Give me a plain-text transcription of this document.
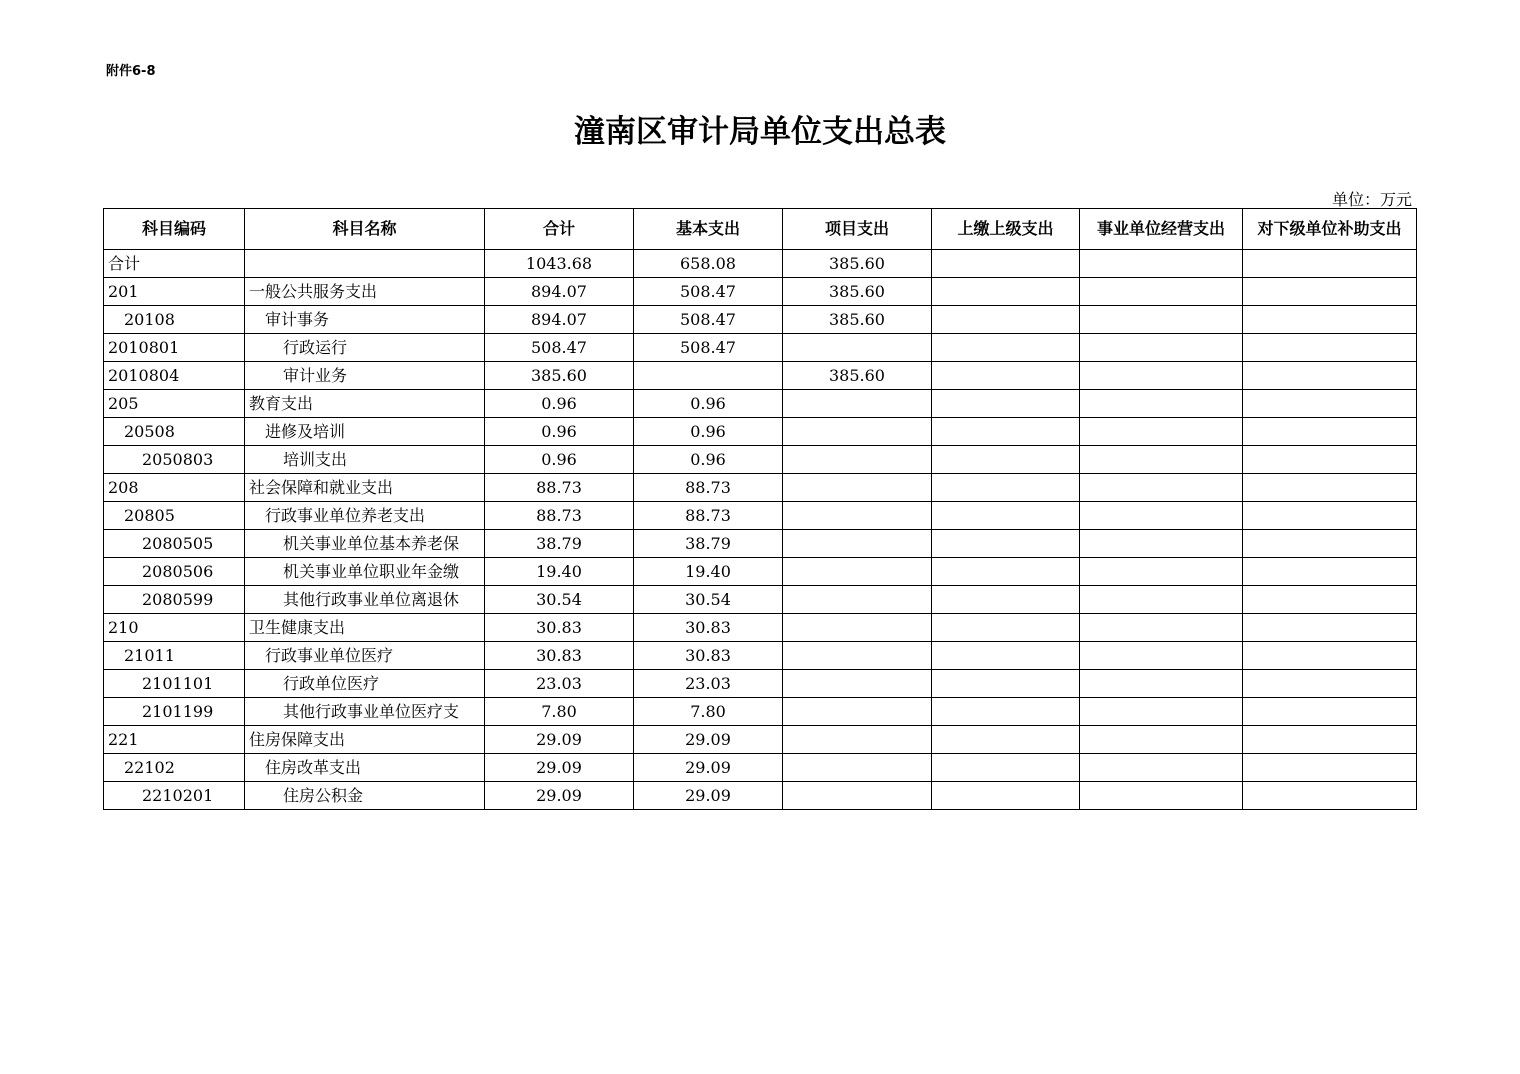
附件6-8
潼南区审计局单位支出总表
单位：万元
科目编码	科目名称	合计	基本支出	项目支出	上缴上级支出	事业单位经营支出	对下级单位补助支出
合计		1043.68	658.08	385.60			
201	一般公共服务支出	894.07	508.47	385.60			
20108	审计事务	894.07	508.47	385.60			
2010801	行政运行	508.47	508.47				
2010804	审计业务	385.60		385.60			
205	教育支出	0.96	0.96				
20508	进修及培训	0.96	0.96				
2050803	培训支出	0.96	0.96				
208	社会保障和就业支出	88.73	88.73				
20805	行政事业单位养老支出	88.73	88.73				
2080505	机关事业单位基本养老保	38.79	38.79				
2080506	机关事业单位职业年金缴	19.40	19.40				
2080599	其他行政事业单位离退休	30.54	30.54				
210	卫生健康支出	30.83	30.83				
21011	行政事业单位医疗	30.83	30.83				
2101101	行政单位医疗	23.03	23.03				
2101199	其他行政事业单位医疗支	7.80	7.80				
221	住房保障支出	29.09	29.09				
22102	住房改革支出	29.09	29.09				
2210201	住房公积金	29.09	29.09				
